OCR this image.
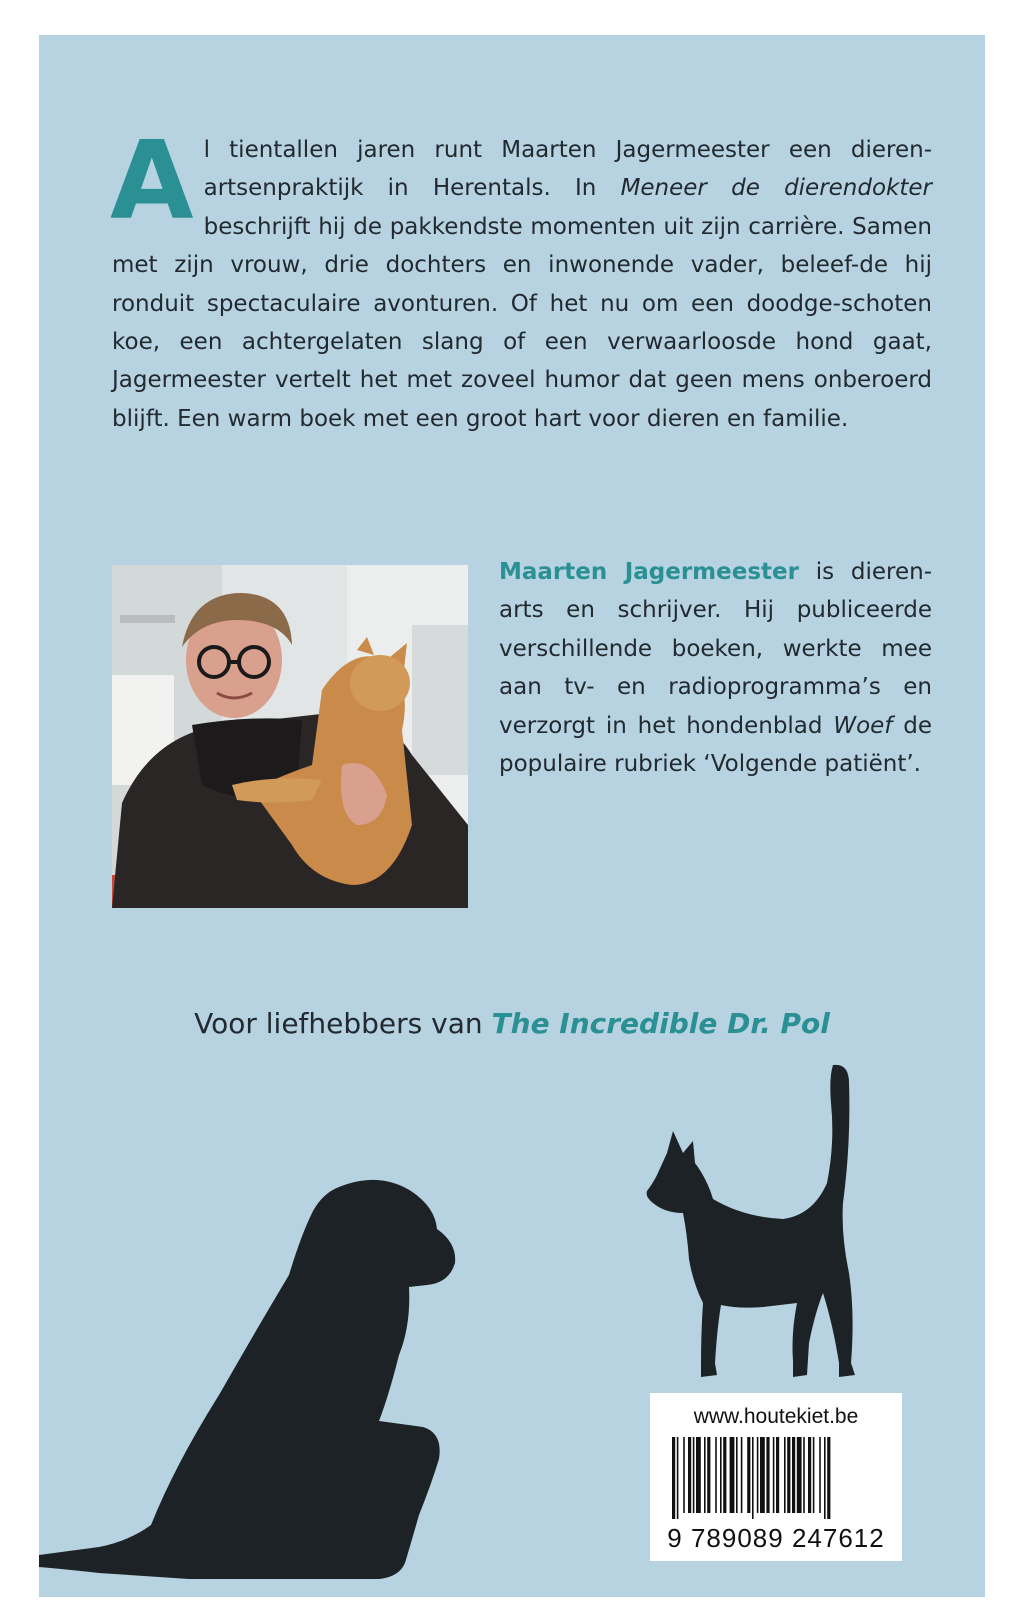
Al tientallen jaren runt Maarten Jagermeester een dieren-artsenpraktijk in Herentals. In Meneer de dierendokter beschrijft hij de pakkendste momenten uit zijn carrière. Samen met zijn vrouw, drie dochters en inwonende vader, beleef-de hij ronduit spectaculaire avonturen. Of het nu om een doodge-schoten koe, een achtergelaten slang of een verwaarloosde hond gaat, Jagermeester vertelt het met zoveel humor dat geen mens onberoerd blijft. Een warm boek met een groot hart voor dieren en familie.

Maarten Jagermeester is dieren-arts en schrijver. Hij publiceerde verschillende boeken, werkte mee aan tv- en radioprogramma’s en verzorgt in het hondenblad Woef de populaire rubriek ‘Volgende patiënt’.

Voor liefhebbers van The Incredible Dr. Pol

www.houtekiet.be

9 789089 247612
